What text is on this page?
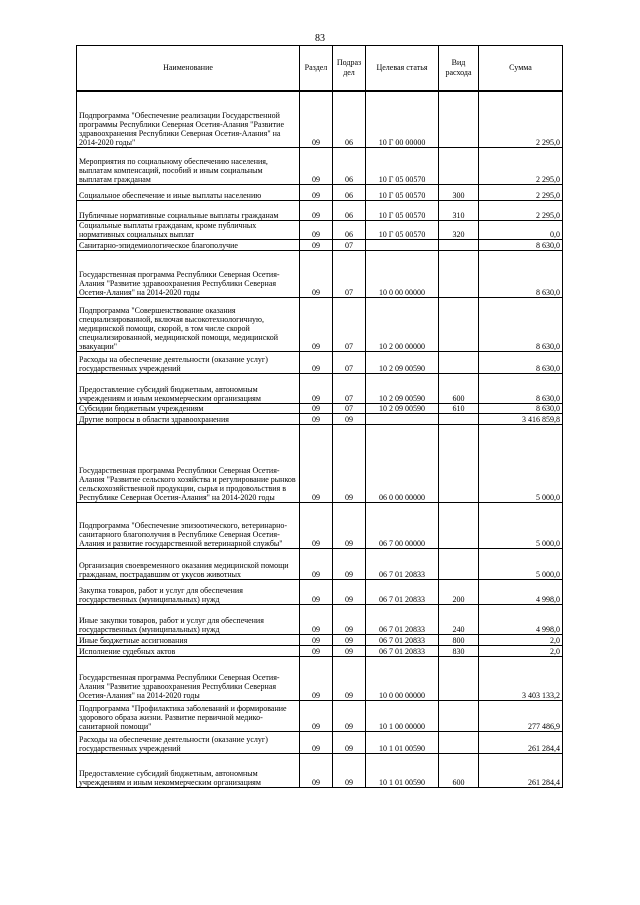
83
Наименование	Раздел	Подраз дел	Целевая статья	Вид расхода	Сумма
Подпрограмма "Обеспечение реализации Государственной программы Республики Северная Осетия-Алания "Развитие здравоохранения Республики Северная Осетия-Алания" на 2014-2020 годы"	09	06	10 Г 00 00000		2 295,0
Мероприятия по социальному обеспечению населения, выплатам компенсаций, пособий и иным социальным выплатам гражданам	09	06	10 Г 05 00570		2 295,0
Социальное обеспечение и иные выплаты населению	09	06	10 Г 05 00570	300	2 295,0
Публичные нормативные социальные выплаты гражданам	09	06	10 Г 05 00570	310	2 295,0
Социальные выплаты гражданам, кроме публичных нормативных социальных выплат	09	06	10 Г 05 00570	320	0,0
Санитарно-эпидемиологическое благополучие	09	07			8 630,0
Государственная программа Республики Северная Осетия-Алания "Развитие здравоохранения Республики Северная Осетия-Алания" на 2014-2020 годы	09	07	10 0 00 00000		8 630,0
Подпрограмма "Совершенствование оказания специализированной, включая высокотехнологичную, медицинской помощи, скорой, в том числе скорой специализированной, медицинской помощи, медицинской эвакуации"	09	07	10 2 00 00000		8 630,0
Расходы на обеспечение деятельности (оказание услуг) государственных учреждений	09	07	10 2 09 00590		8 630,0
Предоставление субсидий бюджетным, автономным учреждениям и иным некоммерческим организациям	09	07	10 2 09 00590	600	8 630,0
Субсидии бюджетным учреждениям	09	07	10 2 09 00590	610	8 630,0
Другие вопросы в области здравоохранения	09	09			3 416 859,8
Государственная программа Республики Северная Осетия-Алания "Развитие сельского хозяйства и регулирование рынков сельскохозяйственной продукции, сырья и продовольствия в Республике Северная Осетия-Алания" на 2014-2020 годы	09	09	06 0 00 00000		5 000,0
Подпрограмма "Обеспечение эпизоотического, ветеринарно-санитарного благополучия в Республике Северная Осетия-Алания и развитие государственной ветеринарной службы"	09	09	06 7 00 00000		5 000,0
Организация своевременного оказания медицинской помощи гражданам, пострадавшим от укусов животных	09	09	06 7 01 20833		5 000,0
Закупка товаров, работ и услуг для обеспечения государственных (муниципальных) нужд	09	09	06 7 01 20833	200	4 998,0
Иные закупки товаров, работ и услуг для обеспечения государственных (муниципальных) нужд	09	09	06 7 01 20833	240	4 998,0
Иные бюджетные ассигнования	09	09	06 7 01 20833	800	2,0
Исполнение судебных актов	09	09	06 7 01 20833	830	2,0
Государственная программа Республики Северная Осетия-Алания "Развитие здравоохранения Республики Северная Осетия-Алания" на 2014-2020 годы	09	09	10 0 00 00000		3 403 133,2
Подпрограмма "Профилактика заболеваний и формирование здорового образа жизни. Развитие первичной медико-санитарной помощи"	09	09	10 1 00 00000		277 486,9
Расходы на обеспечение деятельности (оказание услуг) государственных учреждений	09	09	10 1 01 00590		261 284,4
Предоставление субсидий бюджетным, автономным учреждениям и иным некоммерческим организациям	09	09	10 1 01 00590	600	261 284,4
